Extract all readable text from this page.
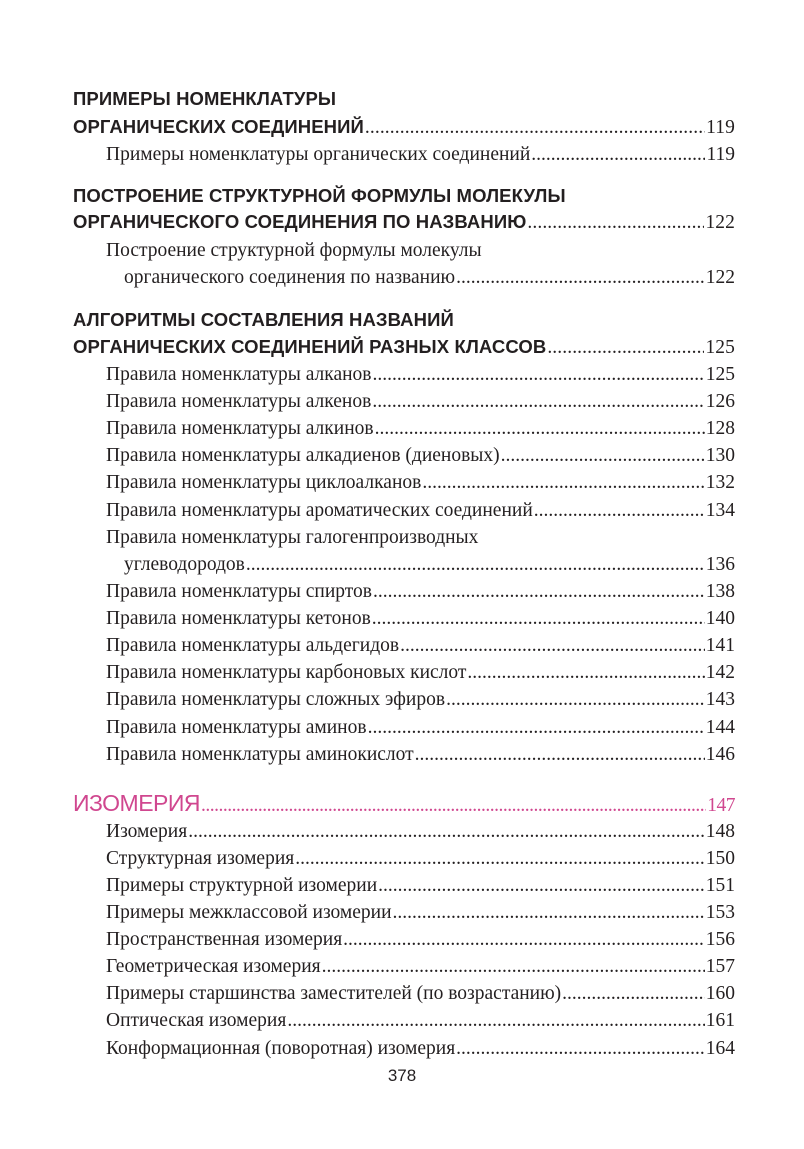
ПРИМЕРЫ НОМЕНКЛАТУРЫ
ОРГАНИЧЕСКИХ СОЕДИНЕНИЙ .....	119
Примеры номенклатуры органических соединений .....	119
ПОСТРОЕНИЕ СТРУКТУРНОЙ ФОРМУЛЫ МОЛЕКУЛЫ
ОРГАНИЧЕСКОГО СОЕДИНЕНИЯ ПО НАЗВАНИЮ .....	122
Построение структурной формулы молекулы
органического соединения по названию .....	122
АЛГОРИТМЫ СОСТАВЛЕНИЯ НАЗВАНИЙ
ОРГАНИЧЕСКИХ СОЕДИНЕНИЙ РАЗНЫХ КЛАССОВ .....	125
Правила номенклатуры алканов .....	125
Правила номенклатуры алкенов .....	126
Правила номенклатуры алкинов .....	128
Правила номенклатуры алкадиенов (диеновых) .....	130
Правила номенклатуры циклоалканов .....	132
Правила номенклатуры ароматических соединений .....	134
Правила номенклатуры галогенпроизводных
углеводородов .....	136
Правила номенклатуры спиртов .....	138
Правила номенклатуры кетонов .....	140
Правила номенклатуры альдегидов .....	141
Правила номенклатуры карбоновых кислот .....	142
Правила номенклатуры сложных эфиров .....	143
Правила номенклатуры аминов .....	144
Правила номенклатуры аминокислот .....	146
ИЗОМЕРИЯ .....	147
Изомерия .....	148
Структурная изомерия .....	150
Примеры структурной изомерии .....	151
Примеры межклассовой изомерии .....	153
Пространственная изомерия .....	156
Геометрическая изомерия .....	157
Примеры старшинства заместителей (по возрастанию) .....	160
Оптическая изомерия .....	161
Конформационная (поворотная) изомерия .....	164
378
